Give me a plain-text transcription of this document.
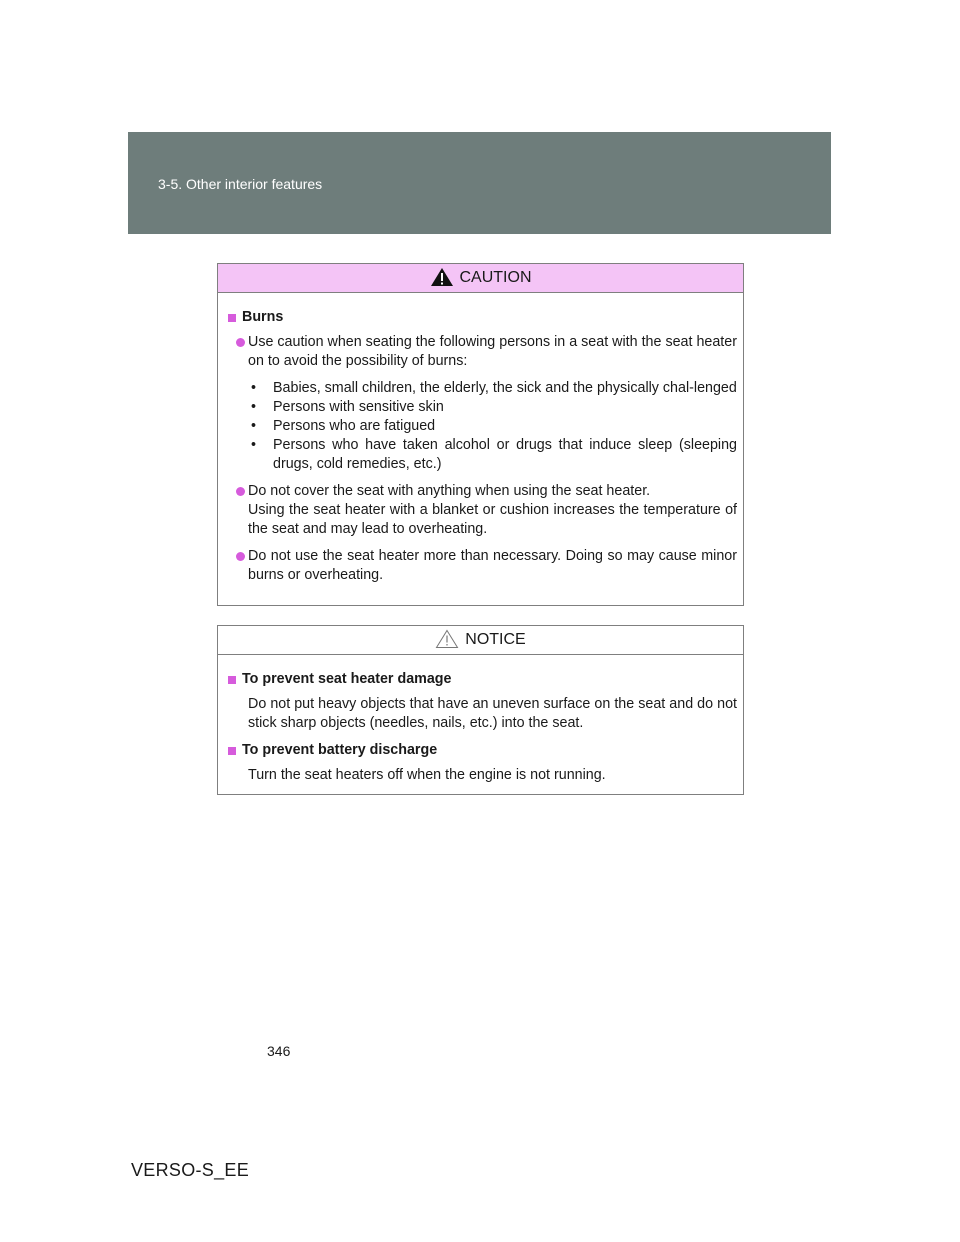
3-5. Other interior features
CAUTION
Burns
Use caution when seating the following persons in a seat with the seat heater on to avoid the possibility of burns:
• Babies, small children, the elderly, the sick and the physically chal-lenged
• Persons with sensitive skin
• Persons who are fatigued
• Persons who have taken alcohol or drugs that induce sleep (sleeping drugs, cold remedies, etc.)
Do not cover the seat with anything when using the seat heater.
Using the seat heater with a blanket or cushion increases the temperature of the seat and may lead to overheating.
Do not use the seat heater more than necessary. Doing so may cause minor burns or overheating.
NOTICE
To prevent seat heater damage
Do not put heavy objects that have an uneven surface on the seat and do not stick sharp objects (needles, nails, etc.) into the seat.
To prevent battery discharge
Turn the seat heaters off when the engine is not running.
346
VERSO-S_EE
